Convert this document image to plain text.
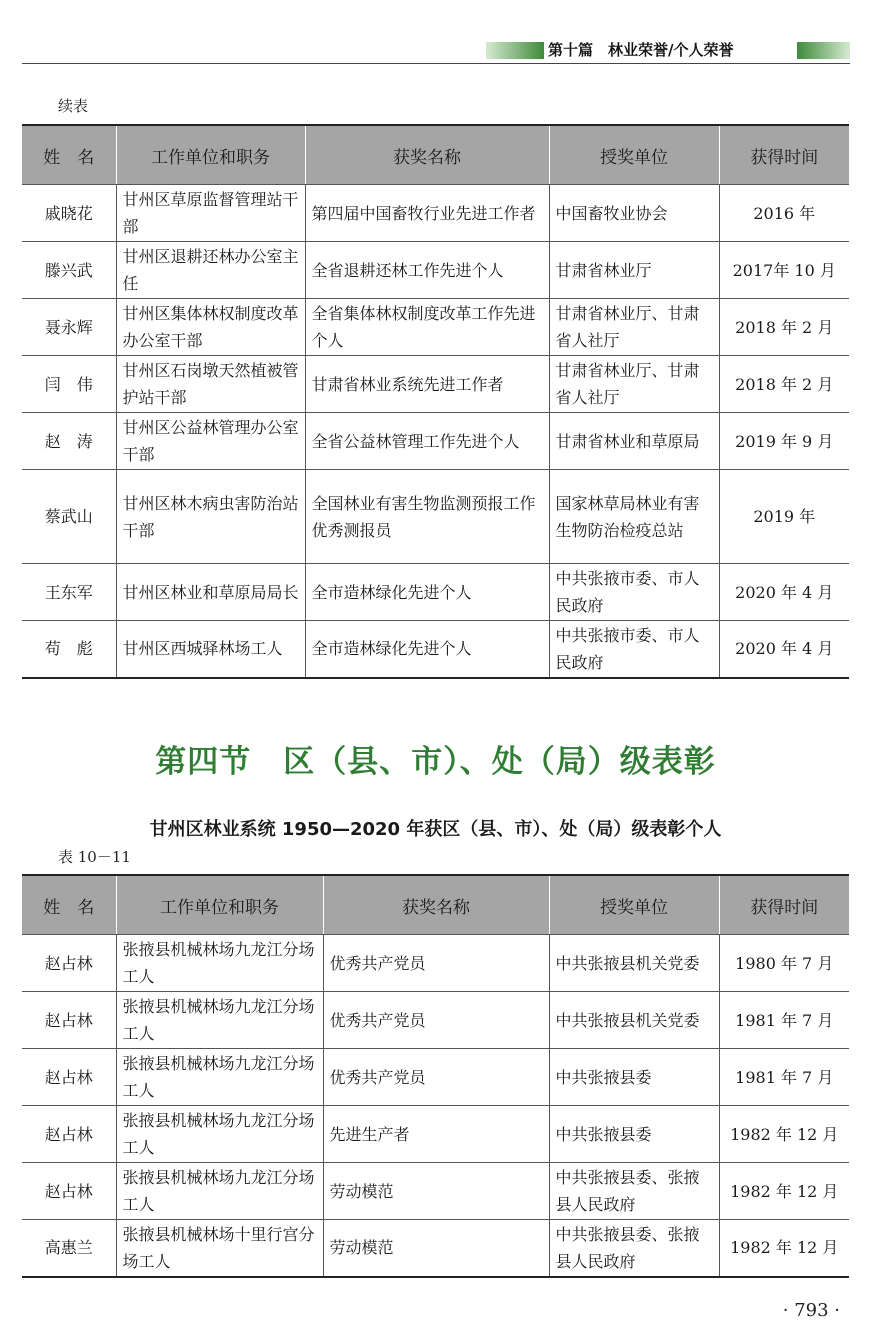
第十篇　林业荣誉/个人荣誉
续表
姓　名	工作单位和职务	获奖名称	授奖单位	获得时间
戚晓花	甘州区草原监督管理站干部	第四届中国畜牧行业先进工作者	中国畜牧业协会	2016 年
滕兴武	甘州区退耕还林办公室主任	全省退耕还林工作先进个人	甘肃省林业厅	2017年 10 月
聂永辉	甘州区集体林权制度改革办公室干部	全省集体林权制度改革工作先进个人	甘肃省林业厅、甘肃省人社厅	2018 年 2 月
闫　伟	甘州区石岗墩天然植被管护站干部	甘肃省林业系统先进工作者	甘肃省林业厅、甘肃省人社厅	2018 年 2 月
赵　涛	甘州区公益林管理办公室干部	全省公益林管理工作先进个人	甘肃省林业和草原局	2019 年 9 月
蔡武山	甘州区林木病虫害防治站干部	全国林业有害生物监测预报工作优秀测报员	国家林草局林业有害生物防治检疫总站	2019 年
王东军	甘州区林业和草原局局长	全市造林绿化先进个人	中共张掖市委、市人民政府	2020 年 4 月
苟　彪	甘州区西城驿林场工人	全市造林绿化先进个人	中共张掖市委、市人民政府	2020 年 4 月
第四节　区（县、市）、处（局）级表彰
甘州区林业系统 1950—2020 年获区（县、市）、处（局）级表彰个人
表 10－11
姓　名	工作单位和职务	获奖名称	授奖单位	获得时间
赵占林	张掖县机械林场九龙江分场工人	优秀共产党员	中共张掖县机关党委	1980 年 7 月
赵占林	张掖县机械林场九龙江分场工人	优秀共产党员	中共张掖县机关党委	1981 年 7 月
赵占林	张掖县机械林场九龙江分场工人	优秀共产党员	中共张掖县委	1981 年 7 月
赵占林	张掖县机械林场九龙江分场工人	先进生产者	中共张掖县委	1982 年 12 月
赵占林	张掖县机械林场九龙江分场工人	劳动模范	中共张掖县委、张掖县人民政府	1982 年 12 月
高惠兰	张掖县机械林场十里行宫分场工人	劳动模范	中共张掖县委、张掖县人民政府	1982 年 12 月
· 793 ·
